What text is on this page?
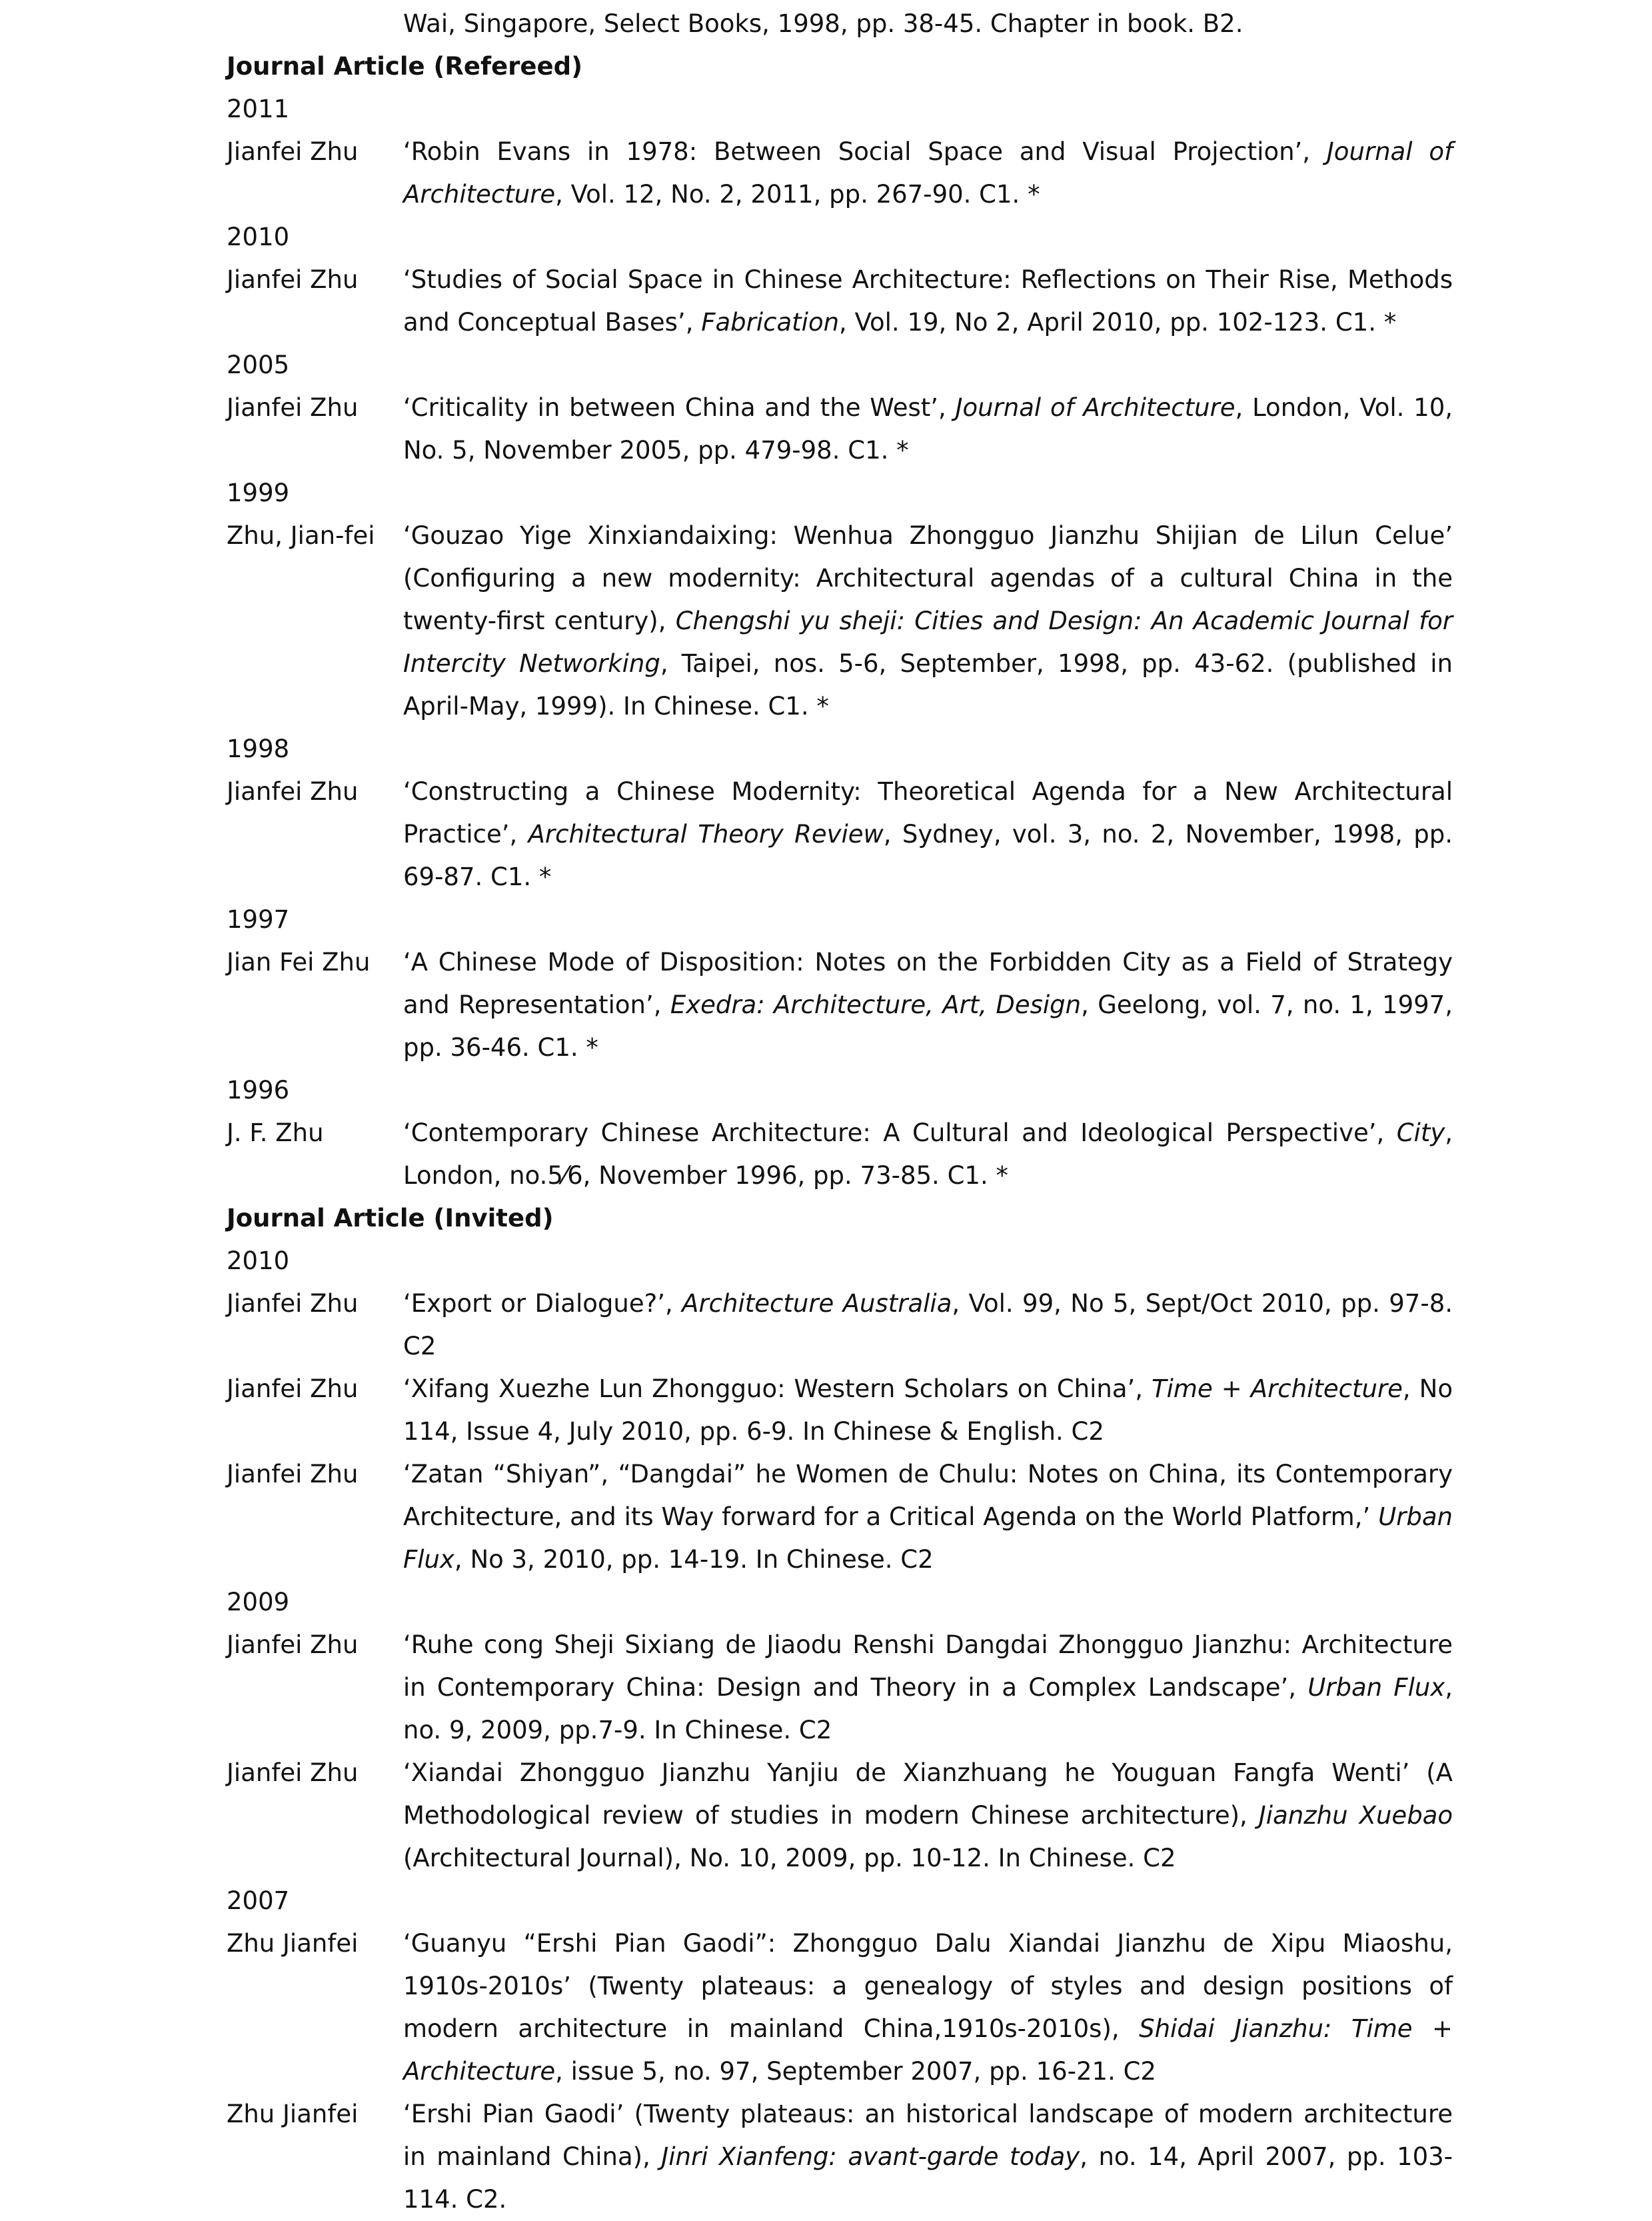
Wai, Singapore, Select Books, 1998, pp. 38-45. Chapter in book. B2.
Journal Article (Refereed)
2011
Jianfei Zhu	‘Robin Evans in 1978: Between Social Space and Visual Projection’, Journal of Architecture, Vol. 12, No. 2, 2011, pp. 267-90. C1. *
2010
Jianfei Zhu	‘Studies of Social Space in Chinese Architecture: Reflections on Their Rise, Methods and Conceptual Bases’, Fabrication, Vol. 19, No 2, April 2010, pp. 102-123. C1. *
2005
Jianfei Zhu	‘Criticality in between China and the West’, Journal of Architecture, London, Vol. 10, No. 5, November 2005, pp. 479-98. C1. *
1999
Zhu, Jian-fei	‘Gouzao Yige Xinxiandaixing: Wenhua Zhongguo Jianzhu Shijian de Lilun Celue’ (Configuring a new modernity: Architectural agendas of a cultural China in the twenty-first century), Chengshi yu sheji: Cities and Design: An Academic Journal for Intercity Networking, Taipei, nos. 5-6, September, 1998, pp. 43-62. (published in April-May, 1999). In Chinese. C1. *
1998
Jianfei Zhu	‘Constructing a Chinese Modernity: Theoretical Agenda for a New Architectural Practice’, Architectural Theory Review, Sydney, vol. 3, no. 2, November, 1998, pp. 69-87. C1. *
1997
Jian Fei Zhu	‘A Chinese Mode of Disposition: Notes on the Forbidden City as a Field of Strategy and Representation’, Exedra: Architecture, Art, Design, Geelong, vol. 7, no. 1, 1997, pp. 36-46. C1. *
1996
J. F. Zhu	‘Contemporary Chinese Architecture: A Cultural and Ideological Perspective’, City, London, no.5⁄6, November 1996, pp. 73-85. C1. *
Journal Article (Invited)
2010
Jianfei Zhu	‘Export or Dialogue?’, Architecture Australia, Vol. 99, No 5, Sept/Oct 2010, pp. 97-8. C2
Jianfei Zhu	‘Xifang Xuezhe Lun Zhongguo: Western Scholars on China’, Time + Architecture, No 114, Issue 4, July 2010, pp. 6-9. In Chinese & English. C2
Jianfei Zhu	‘Zatan “Shiyan”, “Dangdai” he Women de Chulu: Notes on China, its Contemporary Architecture, and its Way forward for a Critical Agenda on the World Platform,’ Urban Flux, No 3, 2010, pp. 14-19. In Chinese. C2
2009
Jianfei Zhu	‘Ruhe cong Sheji Sixiang de Jiaodu Renshi Dangdai Zhongguo Jianzhu: Architecture in Contemporary China: Design and Theory in a Complex Landscape’, Urban Flux, no. 9, 2009, pp.7-9. In Chinese. C2
Jianfei Zhu	‘Xiandai Zhongguo Jianzhu Yanjiu de Xianzhuang he Youguan Fangfa Wenti’ (A Methodological review of studies in modern Chinese architecture), Jianzhu Xuebao (Architectural Journal), No. 10, 2009, pp. 10-12. In Chinese. C2
2007
Zhu Jianfei	‘Guanyu “Ershi Pian Gaodi”: Zhongguo Dalu Xiandai Jianzhu de Xipu Miaoshu, 1910s-2010s’ (Twenty plateaus: a genealogy of styles and design positions of modern architecture in mainland China,1910s-2010s), Shidai Jianzhu: Time + Architecture, issue 5, no. 97, September 2007, pp. 16-21. C2
Zhu Jianfei	‘Ershi Pian Gaodi’ (Twenty plateaus: an historical landscape of modern architecture in mainland China), Jinri Xianfeng: avant-garde today, no. 14, April 2007, pp. 103-114. C2.
